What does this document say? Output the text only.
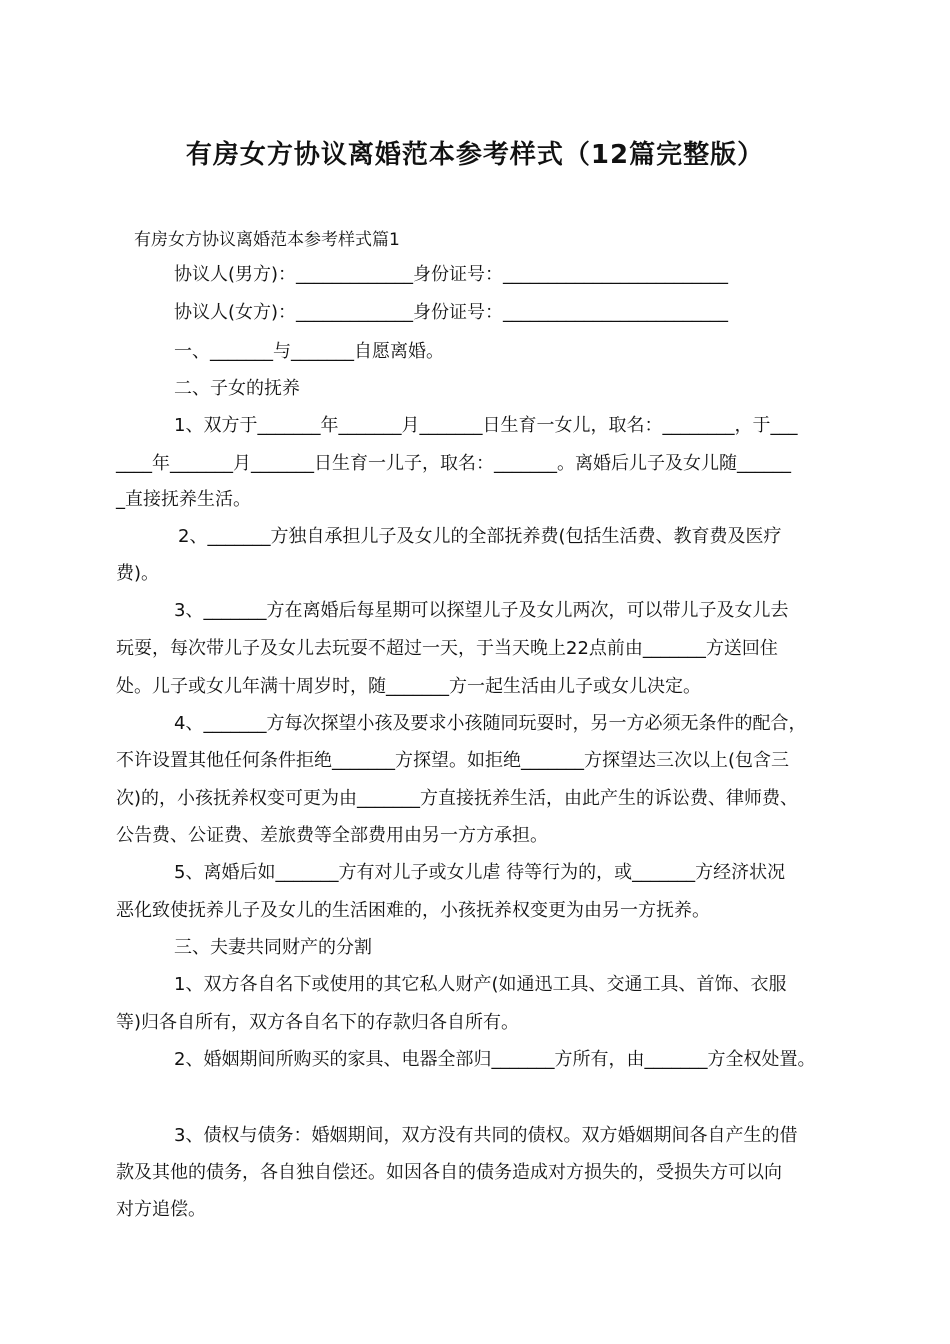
有房女方协议离婚范本参考样式（12篇完整版）
有房女方协议离婚范本参考样式篇1
协议人(男方)：_____________身份证号：_________________________
协议人(女方)：_____________身份证号：_________________________
一、_______与_______自愿离婚。
二、子女的抚养
1、双方于_______年_______月_______日生育一女儿，取名：________，于___
____年_______月_______日生育一儿子，取名：_______。离婚后儿子及女儿随______
_直接抚养生活。
2、_______方独自承担儿子及女儿的全部抚养费(包括生活费、教育费及医疗
费)。
3、_______方在离婚后每星期可以探望儿子及女儿两次，可以带儿子及女儿去
玩耍，每次带儿子及女儿去玩耍不超过一天，于当天晚上22点前由_______方送回住
处。儿子或女儿年满十周岁时，随_______方一起生活由儿子或女儿决定。
4、_______方每次探望小孩及要求小孩随同玩耍时，另一方必须无条件的配合，
不许设置其他任何条件拒绝_______方探望。如拒绝_______方探望达三次以上(包含三
次)的，小孩抚养权变可更为由_______方直接抚养生活，由此产生的诉讼费、律师费、
公告费、公证费、差旅费等全部费用由另一方方承担。
5、离婚后如_______方有对儿子或女儿虐 待等行为的，或_______方经济状况
恶化致使抚养儿子及女儿的生活困难的，小孩抚养权变更为由另一方抚养。
三、夫妻共同财产的分割
1、双方各自名下或使用的其它私人财产(如通迅工具、交通工具、首饰、衣服
等)归各自所有，双方各自名下的存款归各自所有。
2、婚姻期间所购买的家具、电器全部归_______方所有，由_______方全权处置。
3、债权与债务：婚姻期间，双方没有共同的债权。双方婚姻期间各自产生的借
款及其他的债务，各自独自偿还。如因各自的债务造成对方损失的，受损失方可以向
对方追偿。
